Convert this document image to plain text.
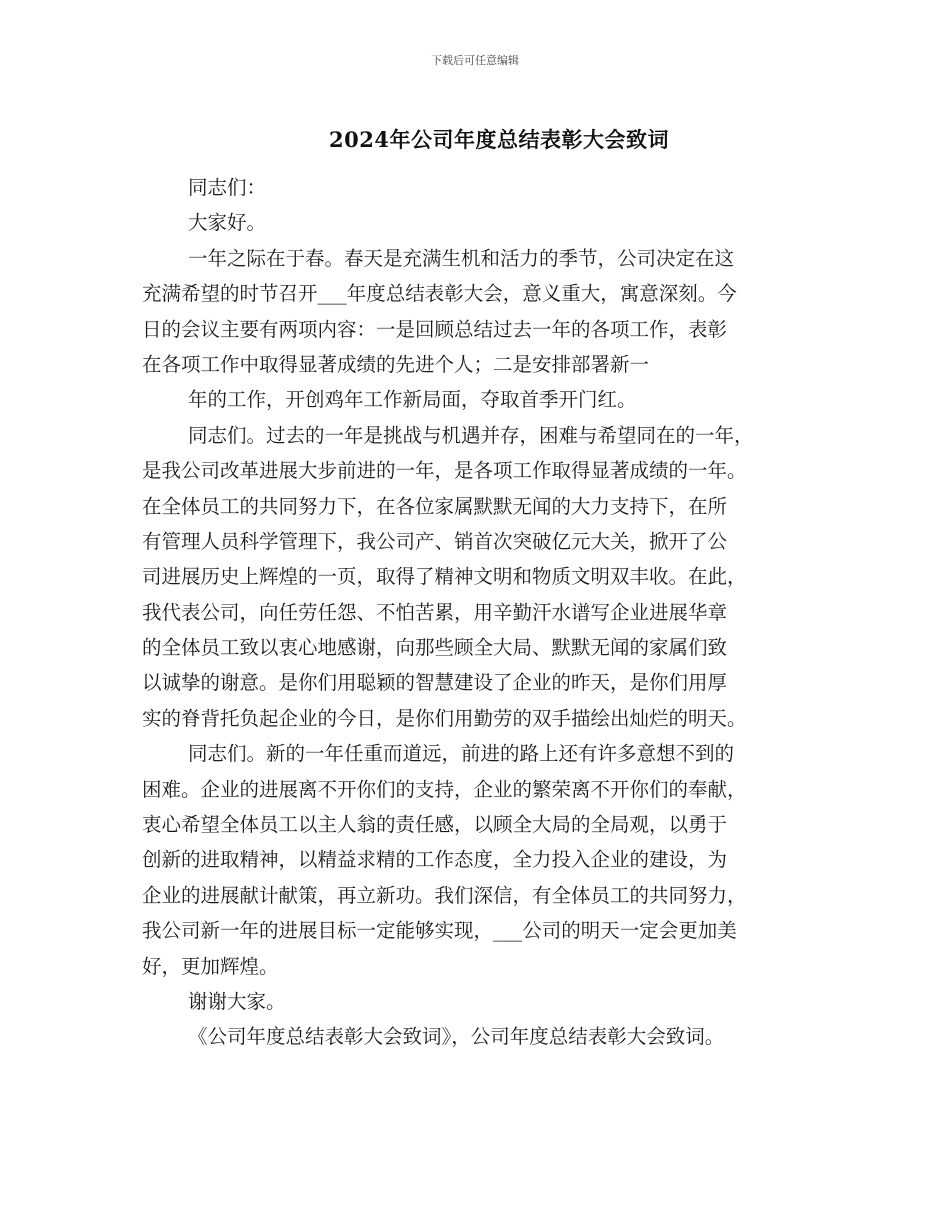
下载后可任意编辑
2024年公司年度总结表彰大会致词
同志们：
大家好。
一年之际在于春。春天是充满生机和活力的季节，公司决定在这
充满希望的时节召开___年度总结表彰大会，意义重大，寓意深刻。今
日的会议主要有两项内容：一是回顾总结过去一年的各项工作，表彰
在各项工作中取得显著成绩的先进个人；二是安排部署新一
年的工作，开创鸡年工作新局面，夺取首季开门红。
同志们。过去的一年是挑战与机遇并存，困难与希望同在的一年，
是我公司改革进展大步前进的一年，是各项工作取得显著成绩的一年。
在全体员工的共同努力下，在各位家属默默无闻的大力支持下，在所
有管理人员科学管理下，我公司产、销首次突破亿元大关，掀开了公
司进展历史上辉煌的一页，取得了精神文明和物质文明双丰收。在此，
我代表公司，向任劳任怨、不怕苦累，用辛勤汗水谱写企业进展华章
的全体员工致以衷心地感谢，向那些顾全大局、默默无闻的家属们致
以诚挚的谢意。是你们用聪颖的智慧建设了企业的昨天，是你们用厚
实的脊背托负起企业的今日，是你们用勤劳的双手描绘出灿烂的明天。
同志们。新的一年任重而道远，前进的路上还有许多意想不到的
困难。企业的进展离不开你们的支持，企业的繁荣离不开你们的奉献，
衷心希望全体员工以主人翁的责任感，以顾全大局的全局观，以勇于
创新的进取精神，以精益求精的工作态度，全力投入企业的建设，为
企业的进展献计献策，再立新功。我们深信，有全体员工的共同努力，
我公司新一年的进展目标一定能够实现，___公司的明天一定会更加美
好，更加辉煌。
谢谢大家。
《公司年度总结表彰大会致词》，公司年度总结表彰大会致词。
